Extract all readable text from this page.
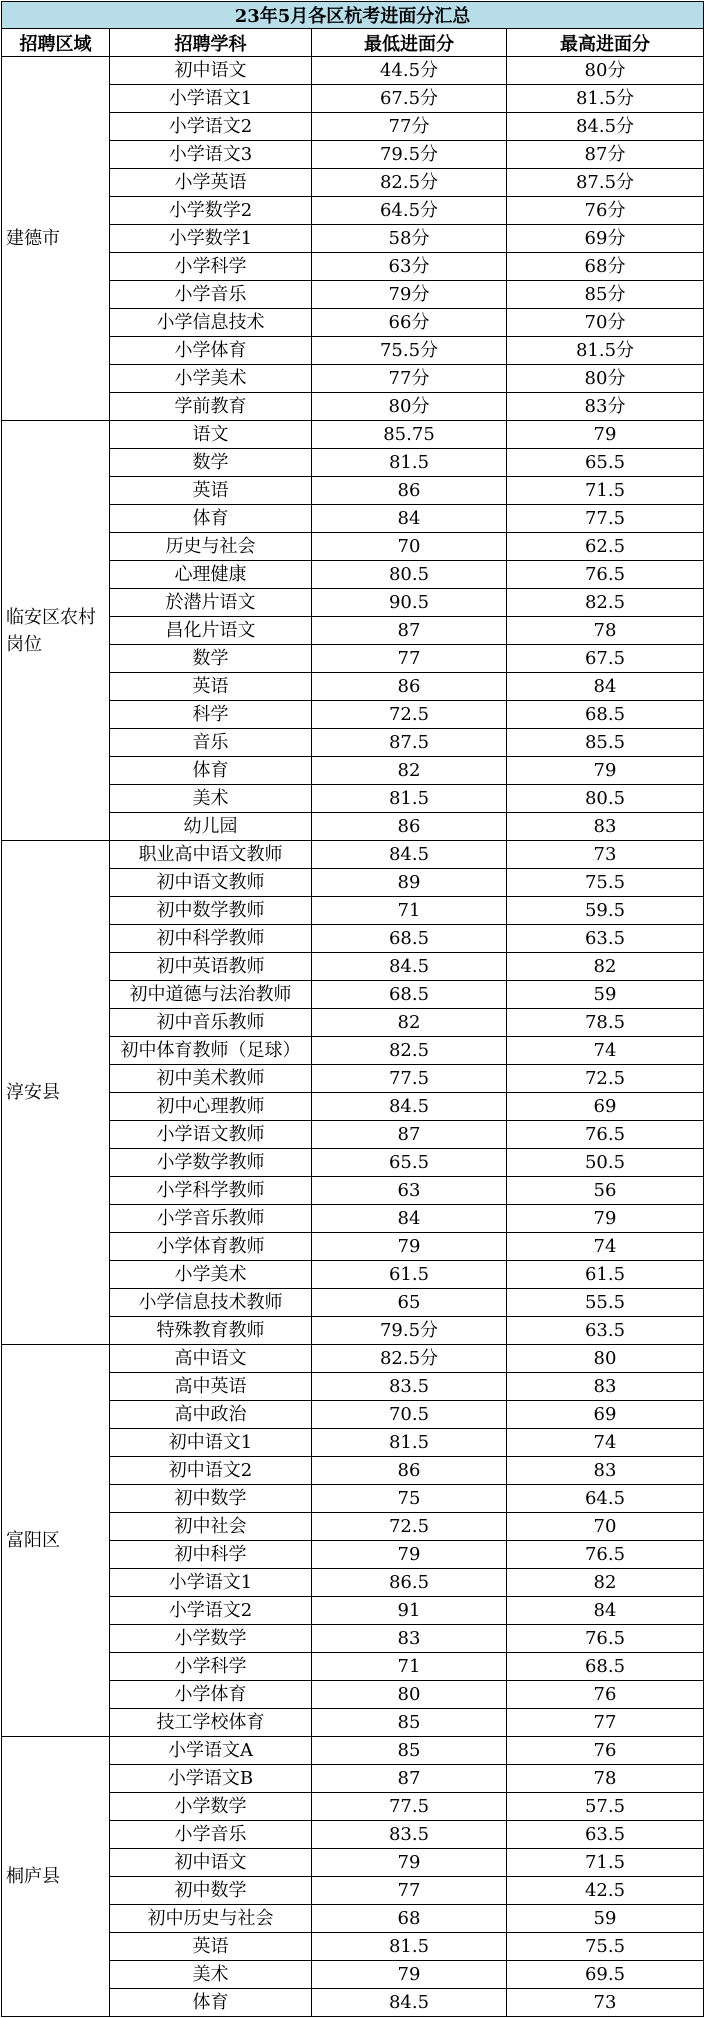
23年5月各区杭考进面分汇总			
招聘区域	招聘学科	最低进面分	最高进面分
建德市	初中语文	44.5分	80分
	小学语文1	67.5分	81.5分
	小学语文2	77分	84.5分
	小学语文3	79.5分	87分
	小学英语	82.5分	87.5分
	小学数学2	64.5分	76分
	小学数学1	58分	69分
	小学科学	63分	68分
	小学音乐	79分	85分
	小学信息技术	66分	70分
	小学体育	75.5分	81.5分
	小学美术	77分	80分
	学前教育	80分	83分
临安区农村岗位	语文	85.75	79
	数学	81.5	65.5
	英语	86	71.5
	体育	84	77.5
	历史与社会	70	62.5
	心理健康	80.5	76.5
	於潜片语文	90.5	82.5
	昌化片语文	87	78
	数学	77	67.5
	英语	86	84
	科学	72.5	68.5
	音乐	87.5	85.5
	体育	82	79
	美术	81.5	80.5
	幼儿园	86	83
淳安县	职业高中语文教师	84.5	73
	初中语文教师	89	75.5
	初中数学教师	71	59.5
	初中科学教师	68.5	63.5
	初中英语教师	84.5	82
	初中道德与法治教师	68.5	59
	初中音乐教师	82	78.5
	初中体育教师（足球）	82.5	74
	初中美术教师	77.5	72.5
	初中心理教师	84.5	69
	小学语文教师	87	76.5
	小学数学教师	65.5	50.5
	小学科学教师	63	56
	小学音乐教师	84	79
	小学体育教师	79	74
	小学美术	61.5	61.5
	小学信息技术教师	65	55.5
	特殊教育教师	79.5分	63.5
富阳区	高中语文	82.5分	80
	高中英语	83.5	83
	高中政治	70.5	69
	初中语文1	81.5	74
	初中语文2	86	83
	初中数学	75	64.5
	初中社会	72.5	70
	初中科学	79	76.5
	小学语文1	86.5	82
	小学语文2	91	84
	小学数学	83	76.5
	小学科学	71	68.5
	小学体育	80	76
	技工学校体育	85	77
桐庐县	小学语文A	85	76
	小学语文B	87	78
	小学数学	77.5	57.5
	小学音乐	83.5	63.5
	初中语文	79	71.5
	初中数学	77	42.5
	初中历史与社会	68	59
	英语	81.5	75.5
	美术	79	69.5
	体育	84.5	73
